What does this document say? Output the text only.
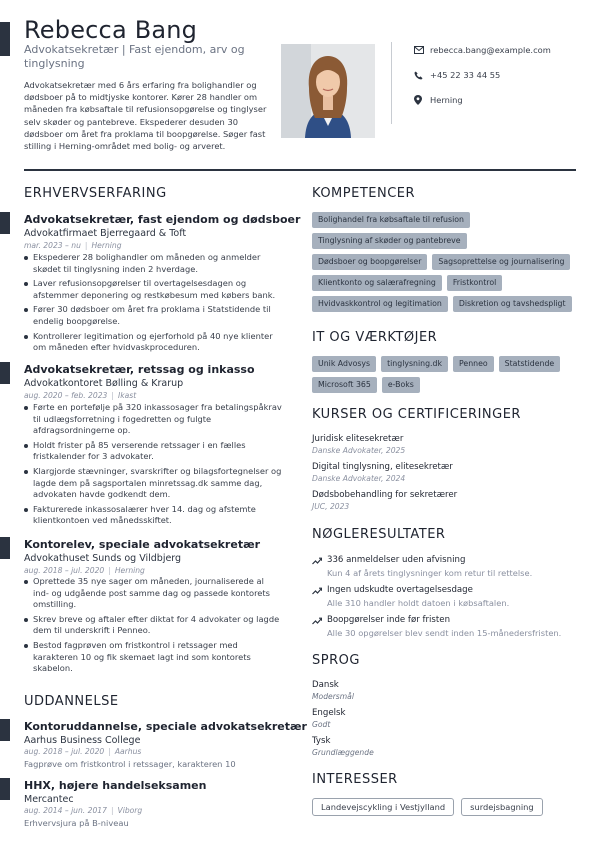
Rebecca Bang
Advokatsekretær | Fast ejendom, arv og tinglysning
Advokatsekretær med 6 års erfaring fra bolighandler og dødsboer på to midtjyske kontorer. Kører 28 handler om måneden fra købsaftale til refusionsopgørelse og tinglyser selv skøder og pantebreve. Ekspederer desuden 30 dødsboer om året fra proklama til boopgørelse. Søger fast stilling i Herning-området med bolig- og arveret.
rebecca.bang@example.com
+45 22 33 44 55
Herning
ERHVERVSERFARING
Advokatsekretær, fast ejendom og dødsboer
Advokatfirmaet Bjerregaard & Toft
mar. 2023 – nu | Herning
Ekspederer 28 bolighandler om måneden og anmelder skødet til tinglysning inden 2 hverdage.
Laver refusionsopgørelser til overtagelsesdagen og afstemmer deponering og restkøbesum med købers bank.
Fører 30 dødsboer om året fra proklama i Statstidende til endelig boopgørelse.
Kontrollerer legitimation og ejerforhold på 40 nye klienter om måneden efter hvidvaskproceduren.
Advokatsekretær, retssag og inkasso
Advokatkontoret Bølling & Krarup
aug. 2020 – feb. 2023 | Ikast
Førte en portefølje på 320 inkassosager fra betalingspåkrav til udlægsforretning i fogedretten og fulgte afdragsordningerne op.
Holdt frister på 85 verserende retssager i en fælles fristkalender for 3 advokater.
Klargjorde stævninger, svarskrifter og bilagsfortegnelser og lagde dem på sagsportalen minretssag.dk samme dag, advokaten havde godkendt dem.
Fakturerede inkassosalærer hver 14. dag og afstemte klientkontoen ved månedsskiftet.
Kontorelev, speciale advokatsekretær
Advokathuset Sunds og Vildbjerg
aug. 2018 – jul. 2020 | Herning
Oprettede 35 nye sager om måneden, journaliserede al ind- og udgående post samme dag og passede kontorets omstilling.
Skrev breve og aftaler efter diktat for 4 advokater og lagde dem til underskrift i Penneo.
Bestod fagprøven om fristkontrol i retssager med karakteren 10 og fik skemaet lagt ind som kontorets skabelon.
UDDANNELSE
Kontoruddannelse, speciale advokatsekretær
Aarhus Business College
aug. 2018 – jul. 2020 | Aarhus
Fagprøve om fristkontrol i retssager, karakteren 10
HHX, højere handelseksamen
Mercantec
aug. 2014 – jun. 2017 | Viborg
Erhvervsjura på B-niveau
KOMPETENCER
Bolighandel fra købsaftale til refusion
Tinglysning af skøder og pantebreve
Dødsboer og boopgørelser	Sagsoprettelse og journalisering
Klientkonto og salærafregning	Fristkontrol
Hvidvaskkontrol og legitimation	Diskretion og tavshedspligt
IT OG VÆRKTØJER
Unik Advosys	tinglysning.dk	Penneo	Statstidende
Microsoft 365	e-Boks
KURSER OG CERTIFICERINGER
Juridisk elitesekretær
Danske Advokater, 2025
Digital tinglysning, elitesekretær
Danske Advokater, 2024
Dødsbobehandling for sekretærer
JUC, 2023
NØGLERESULTATER
336 anmeldelser uden afvisning
Kun 4 af årets tinglysninger kom retur til rettelse.
Ingen udskudte overtagelsesdage
Alle 310 handler holdt datoen i købsaftalen.
Boopgørelser inde før fristen
Alle 30 opgørelser blev sendt inden 15-månedersfristen.
SPROG
Dansk
Modersmål
Engelsk
Godt
Tysk
Grundlæggende
INTERESSER
Landevejscykling i Vestjylland	surdejsbagning
